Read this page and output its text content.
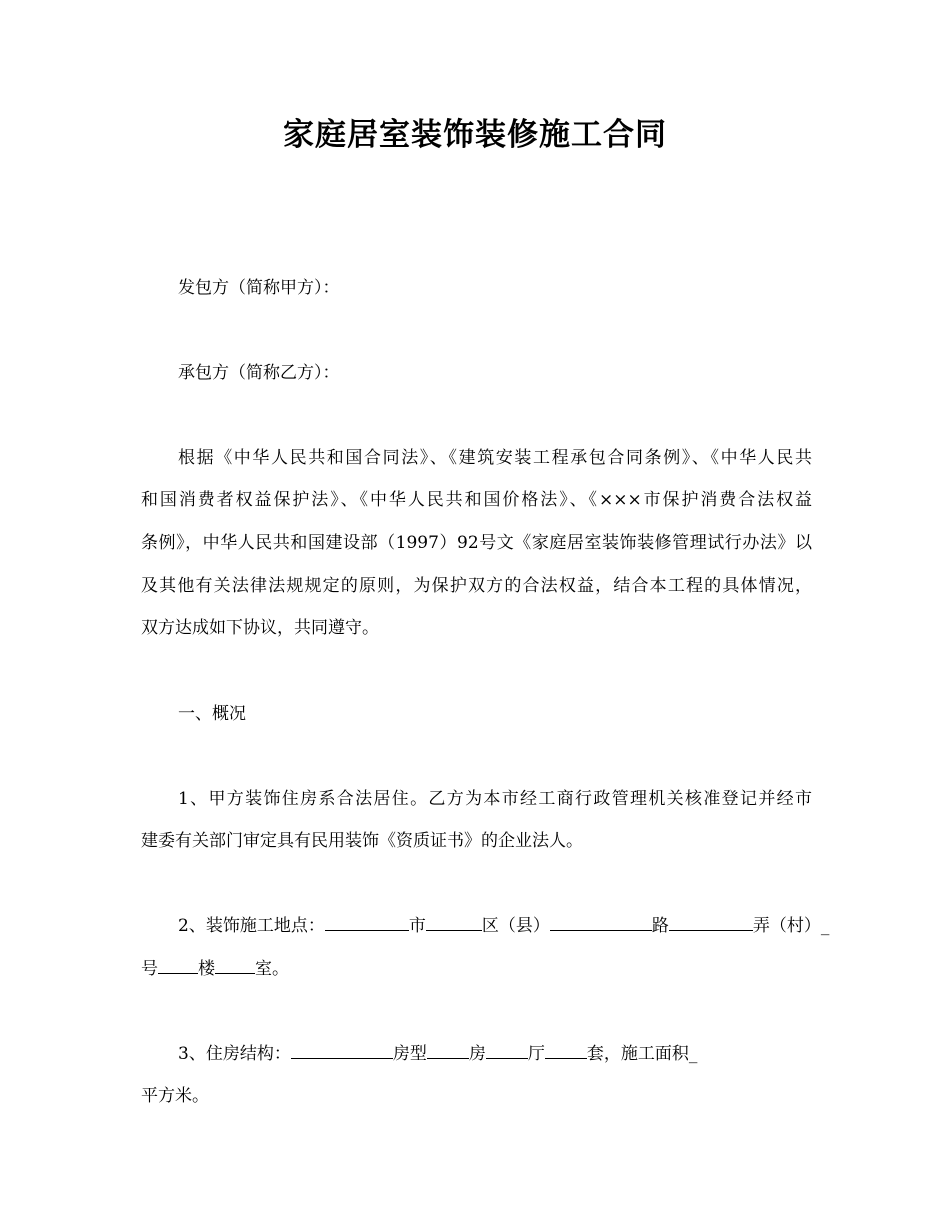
家庭居室装饰装修施工合同
发包方（简称甲方）：
承包方（简称乙方）：
根据《中华人民共和国合同法》、《建筑安装工程承包合同条例》、《中华人民共
和国消费者权益保护法》、《中华人民共和国价格法》、《×××市保护消费合法权益
条例》，中华人民共和国建设部（1997）92号文《家庭居室装饰装修管理试行办法》以
及其他有关法律法规规定的原则，为保护双方的合法权益，结合本工程的具体情况，
双方达成如下协议，共同遵守。
一、概况
1、甲方装饰住房系合法居住。乙方为本市经工商行政管理机关核准登记并经市
建委有关部门审定具有民用装饰《资质证书》的企业法人。
2、装饰施工地点：	市	区（县）	路	弄（村）_
号 楼 室。
3、住房结构：	房型 房 厅 套，施工面积_
平方米。
